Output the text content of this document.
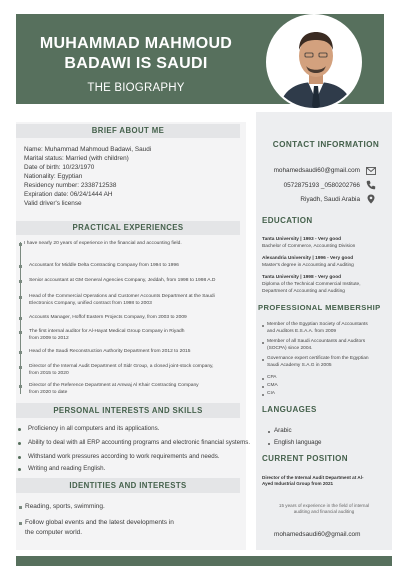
MUHAMMAD MAHMOUD
BADAWI IS SAUDI
THE BIOGRAPHY
BRIEF ABOUT ME
Name: Muhammad Mahmoud Badawi, Saudi
Marital status: Married (with children)
Date of birth: 10/23/1970
Nationality: Egyptian
Residency number: 2338712538
Expiration date: 06/24/1444 AH
Valid driver's license
PRACTICAL EXPERIENCES
I have nearly 20 years of experience in the financial and accounting field.
Accountant for Middle Delta Contracting Company from 1994 to 1996
Senior accountant at GM General Agencies Company, Jeddah, from 1998 to 1998 A.D
Head of the Commercial Operations and Customer Accounts Department at the Saudi
Electronics Company, unified contract from 1998 to 2003
Accounts Manager, Hoffof Eastern Projects Company, from 2003 to 2009
The first internal auditor for Al-Hayat Medical Group Company in Riyadh
from 2009 to 2012
Head of the Saudi Reconstruction Authority Department from 2012 to 2015
Director of the Internal Audit Department of Sidr Group, a closed joint-stock company,
from 2015 to 2020
Director of the Reference Department at Amwaj Al Khair Contracting Company
from 2020 to date
PERSONAL INTERESTS AND SKILLS
Proficiency in all computers and its applications.
Ability to deal with all ERP accounting programs and electronic financial systems.
Withstand work pressures according to work requirements and needs.
Writing and reading English.
IDENTITIES AND INTERESTS
Reading, sports, swimming.
Follow global events and the latest developments in
the computer world.
CONTACT INFORMATION
mohamedsaudi60@gmail.com
0572875193 _0580202766
Riyadh, Saudi Arabia
EDUCATION
Tanta University | 1993 - Very good
Bachelor of Commerce, Accounting Division
Alexandria University | 1996 - Very good
Master's degree in Accounting and Auditing
Tanta University | 1998 - Very good
Diploma of the Technical Commercial Institute,
Department of Accounting and Auditing
PROFESSIONAL MEMBERSHIP
Member of the Egyptian Society of Accountants
and Auditors E.S.A.A. from 2009
Member of all Saudi Accountants and Auditors
(SOCPA) since 2004.
Governance expert certificate from the Egyptian
Saudi Academy S.A.G in 2005
CPA
CMA
CIA
LANGUAGES
Arabic
English language
CURRENT POSITION
Director of the Internal Audit Department at Al-
Ayed Industrial Group from 2021
15 years of experience in the field of internal
auditing and financial auditing
mohamedsaudi60@gmail.com
